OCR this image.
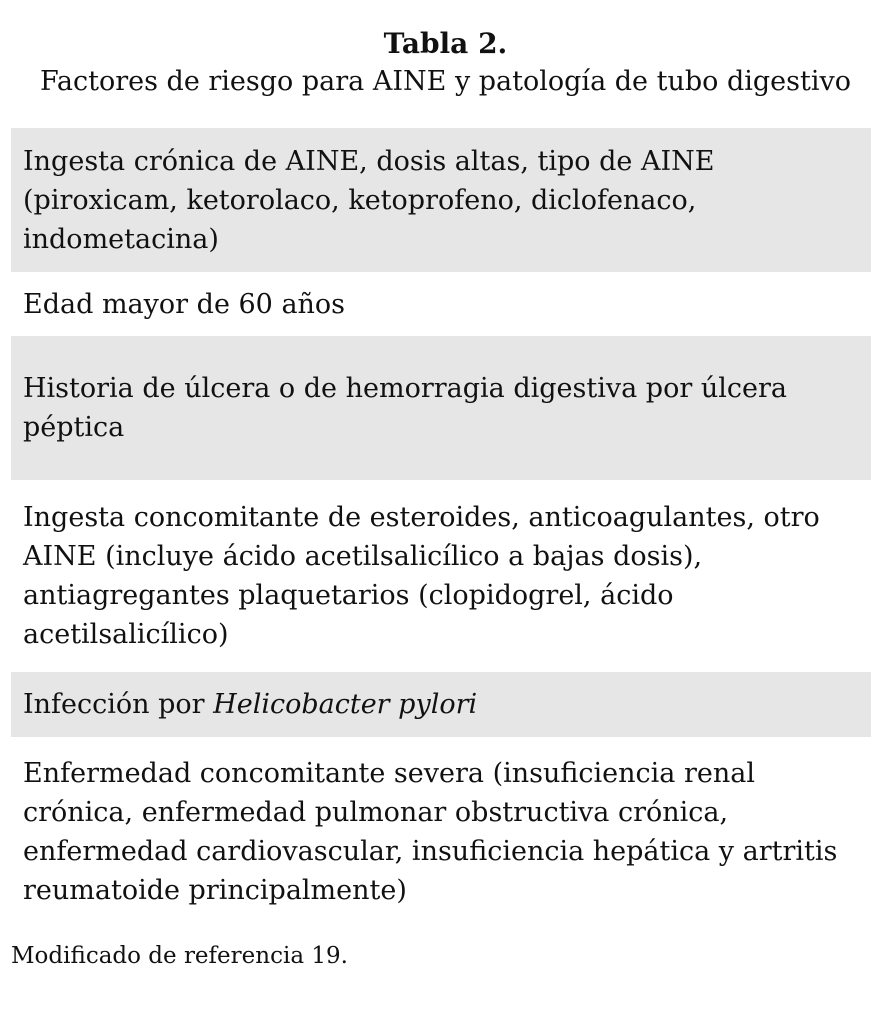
Tabla 2.
Factores de riesgo para AINE y patología de tubo digestivo
Ingesta crónica de AINE, dosis altas, tipo de AINE (piroxicam, ketorolaco, ketoprofeno, diclofenaco, indometacina)
Edad mayor de 60 años
Historia de úlcera o de hemorragia digestiva por úlcera péptica
Ingesta concomitante de esteroides, anticoagulantes, otro AINE (incluye ácido acetilsalicílico a bajas dosis), antiagregantes plaquetarios (clopidogrel, ácido acetilsalicílico)
Infección por Helicobacter pylori
Enfermedad concomitante severa (insuficiencia renal crónica, enfermedad pulmonar obstructiva crónica, enfermedad cardiovascular, insuficiencia hepática y artritis reumatoide principalmente)
Modificado de referencia 19.
